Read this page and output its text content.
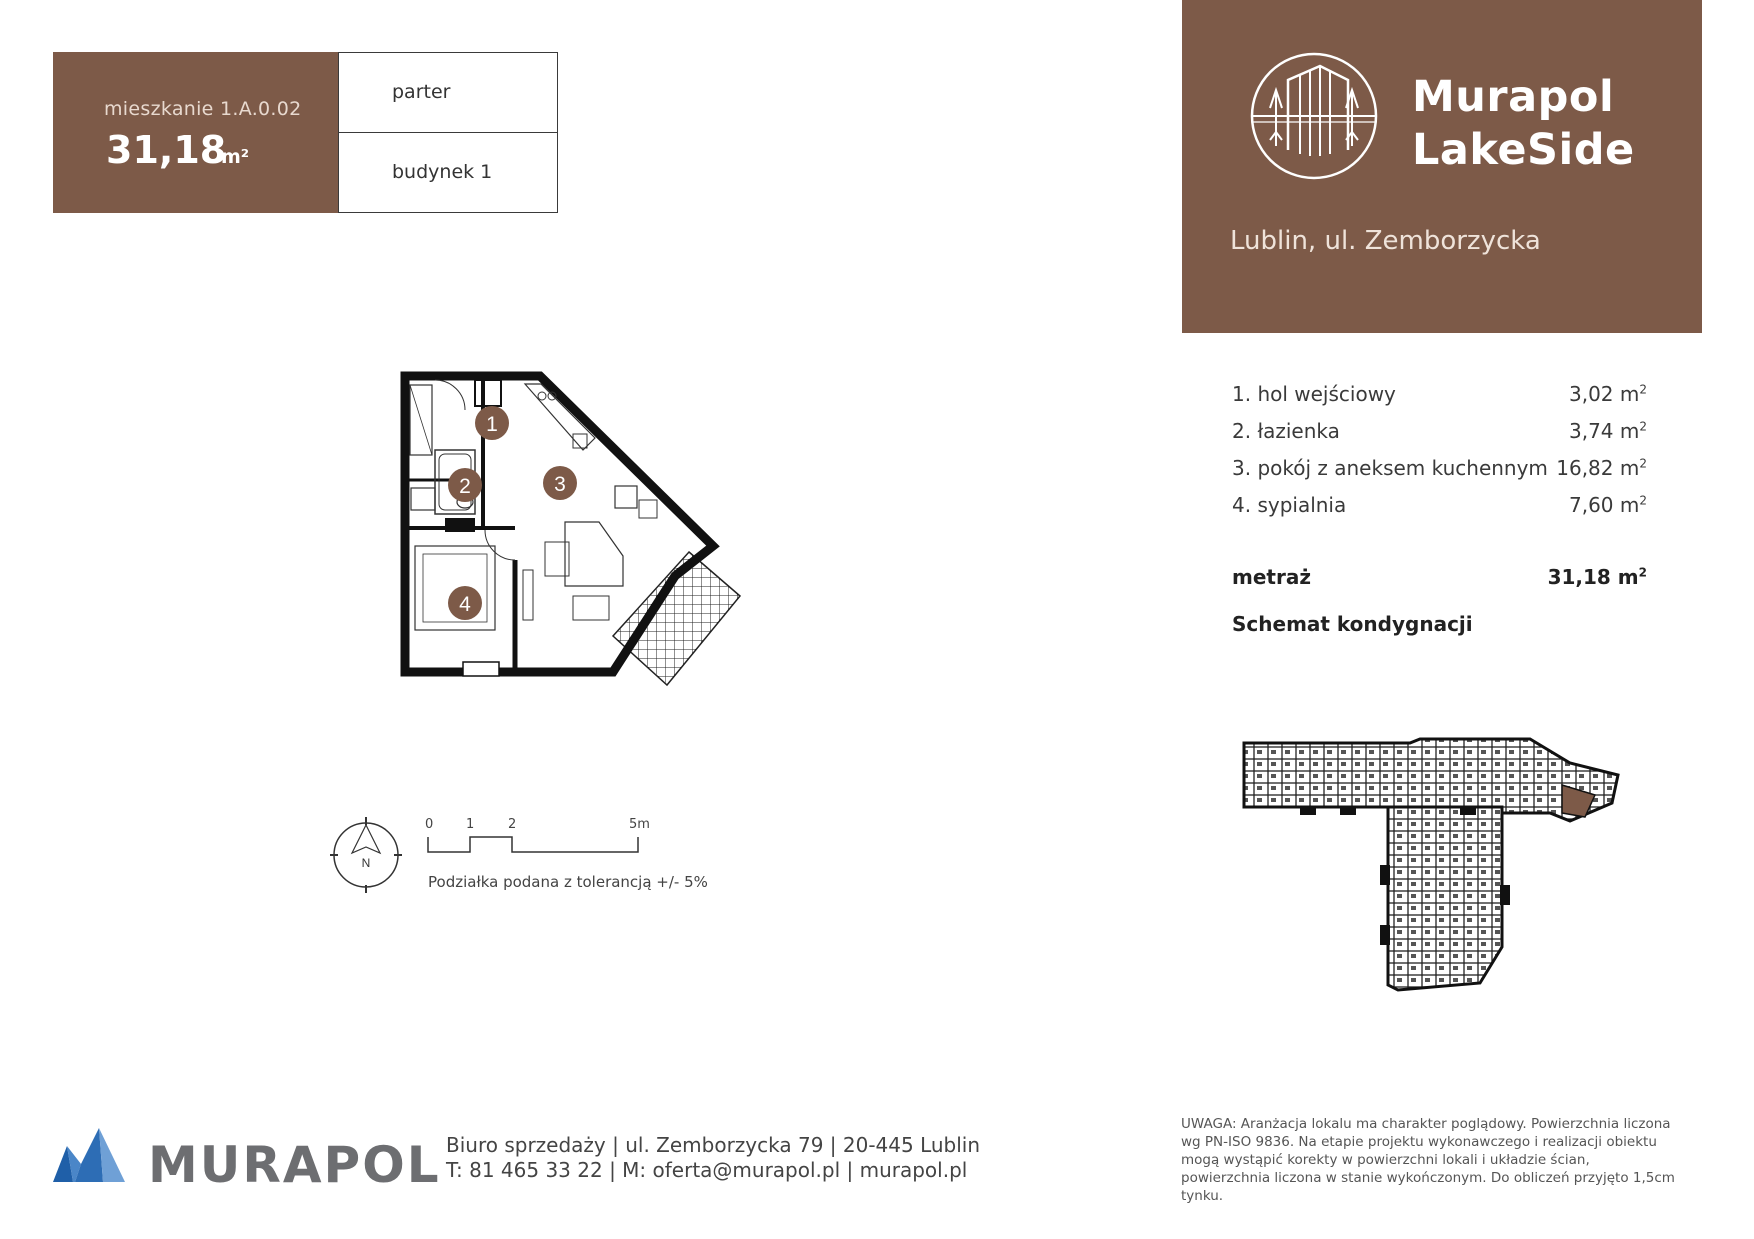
mieszkanie 1.A.0.02
31,18
m²
parter
budynek 1
Murapol
LakeSide
Lublin, ul. Zemborzycka
1. hol wejściowy	3,02 $m^2$
2. łazienka	3,74 $m^2$
3. pokój z aneksem kuchennym 16,82 $m^2$
4. sypialnia	7,60 $m^2$
metraż	31,18 $m^2$
Schemat kondygnacji
1
2	3
4
N
0	1	2	5m
Podziałka podana z tolerancją +/- 5%
MURAPOL Biuro sprzedaży | ul. Zemborzycka 79 | 20-445 Lublin
T: 81 465 33 22 | M: oferta@murapol.pl | murapol.pl
UWAGA: Aranżacja lokalu ma charakter poglądowy. Powierzchnia liczona wg PN-ISO 9836. Na etapie projektu wykonawczego i realizacji obiektu mogą wystąpić korekty w powierzchni lokali i układzie ścian, powierzchnia liczona w stanie wykończonym. Do obliczeń przyjęto 1,5cm tynku.
